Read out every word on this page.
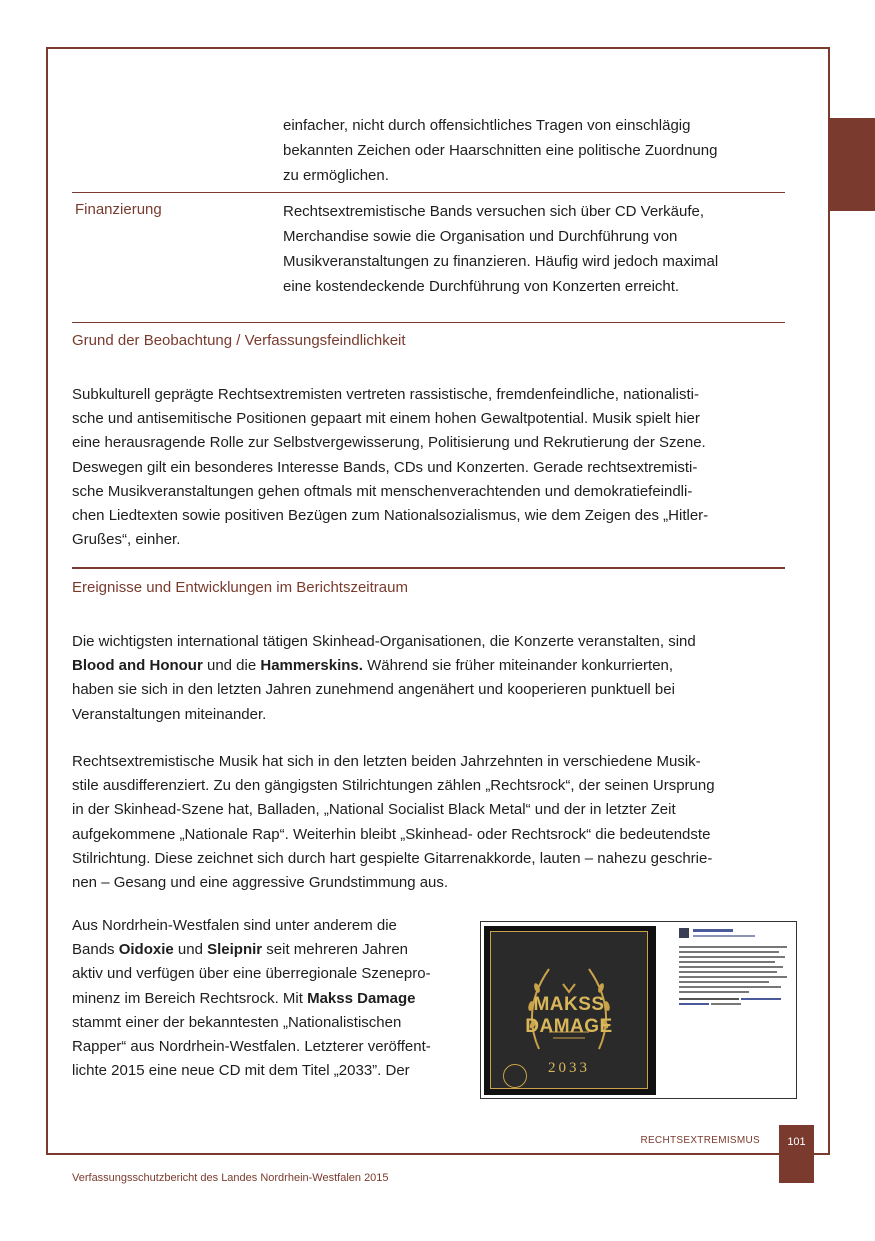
einfacher, nicht durch offensichtliches Tragen von einschlägig
bekannten Zeichen oder Haarschnitten eine politische Zuordnung
zu ermöglichen.
Finanzierung	Rechtsextremistische Bands versuchen sich über CD Verkäufe,
Merchandise sowie die Organisation und Durchführung von
Musikveranstaltungen zu finanzieren. Häufig wird jedoch maximal
eine kostendeckende Durchführung von Konzerten erreicht.
Grund der Beobachtung / Verfassungsfeindlichkeit
Subkulturell geprägte Rechtsextremisten vertreten rassistische, fremdenfeindliche, nationalisti-
sche und antisemitische Positionen gepaart mit einem hohen Gewaltpotential. Musik spielt hier
eine herausragende Rolle zur Selbstvergewisserung, Politisierung und Rekrutierung der Szene.
Deswegen gilt ein besonderes Interesse Bands, CDs und Konzerten. Gerade rechtsextremisti-
sche Musikveranstaltungen gehen oftmals mit menschenverachtenden und demokratiefeindli-
chen Liedtexten sowie positiven Bezügen zum Nationalsozialismus, wie dem Zeigen des „Hitler-
Grußes“, einher.
Ereignisse und Entwicklungen im Berichtszeitraum
Die wichtigsten international tätigen Skinhead-Organisationen, die Konzerte veranstalten, sind
Blood and Honour und die Hammerskins. Während sie früher miteinander konkurrierten,
haben sie sich in den letzten Jahren zunehmend angenähert und kooperieren punktuell bei
Veranstaltungen miteinander.
Rechtsextremistische Musik hat sich in den letzten beiden Jahrzehnten in verschiedene Musik-
stile ausdifferenziert. Zu den gängigsten Stilrichtungen zählen „Rechtsrock“, der seinen Ursprung
in der Skinhead-Szene hat, Balladen, „National Socialist Black Metal“ und der in letzter Zeit
aufgekommene „Nationale Rap“. Weiterhin bleibt „Skinhead- oder Rechtsrock“ die bedeutendste
Stilrichtung. Diese zeichnet sich durch hart gespielte Gitarrenakkorde, lauten – nahezu geschrie-
nen – Gesang und eine aggressive Grundstimmung aus.
Aus Nordrhein-Westfalen sind unter anderem die
Bands Oidoxie und Sleipnir seit mehreren Jahren
aktiv und verfügen über eine überregionale Szenepro-
minenz im Bereich Rechtsrock. Mit Makss Damage
stammt einer der bekanntesten „Nationalistischen
Rapper“ aus Nordrhein-Westfalen. Letzterer veröffent-
lichte 2015 eine neue CD mit dem Titel „2033”. Der
MAKSS DAMAGE
2033
RECHTSEXTREMISMUS	101
Verfassungsschutzbericht des Landes Nordrhein-Westfalen 2015
